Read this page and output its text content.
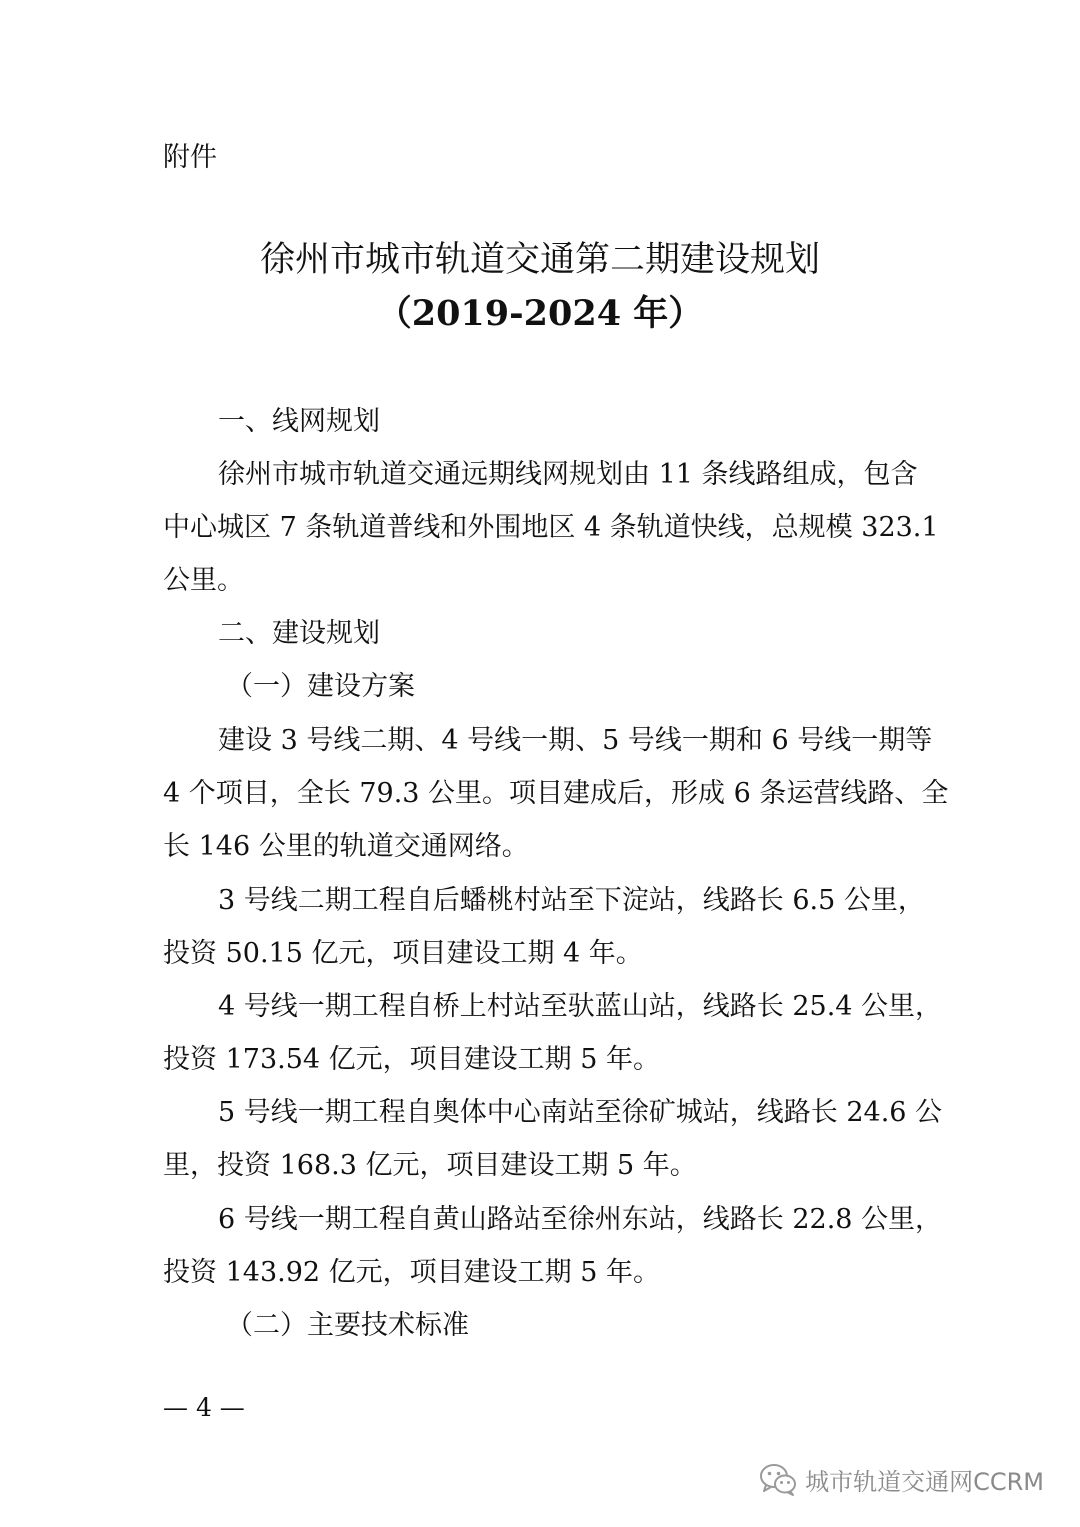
附件
徐州市城市轨道交通第二期建设规划
（2019-2024 年）
一、线网规划
徐州市城市轨道交通远期线网规划由 11 条线路组成，包含
中心城区 7 条轨道普线和外围地区 4 条轨道快线，总规模 323.1
公里。
二、建设规划
（一）建设方案
建设 3 号线二期、4 号线一期、5 号线一期和 6 号线一期等
4 个项目，全长 79.3 公里。项目建成后，形成 6 条运营线路、全
长 146 公里的轨道交通网络。
3 号线二期工程自后蟠桃村站至下淀站，线路长 6.5 公里，
投资 50.15 亿元，项目建设工期 4 年。
4 号线一期工程自桥上村站至驮蓝山站，线路长 25.4 公里，
投资 173.54 亿元，项目建设工期 5 年。
5 号线一期工程自奥体中心南站至徐矿城站，线路长 24.6 公
里，投资 168.3 亿元，项目建设工期 5 年。
6 号线一期工程自黄山路站至徐州东站，线路长 22.8 公里，
投资 143.92 亿元，项目建设工期 5 年。
（二）主要技术标准
— 4 —
城市轨道交通网CCRM
